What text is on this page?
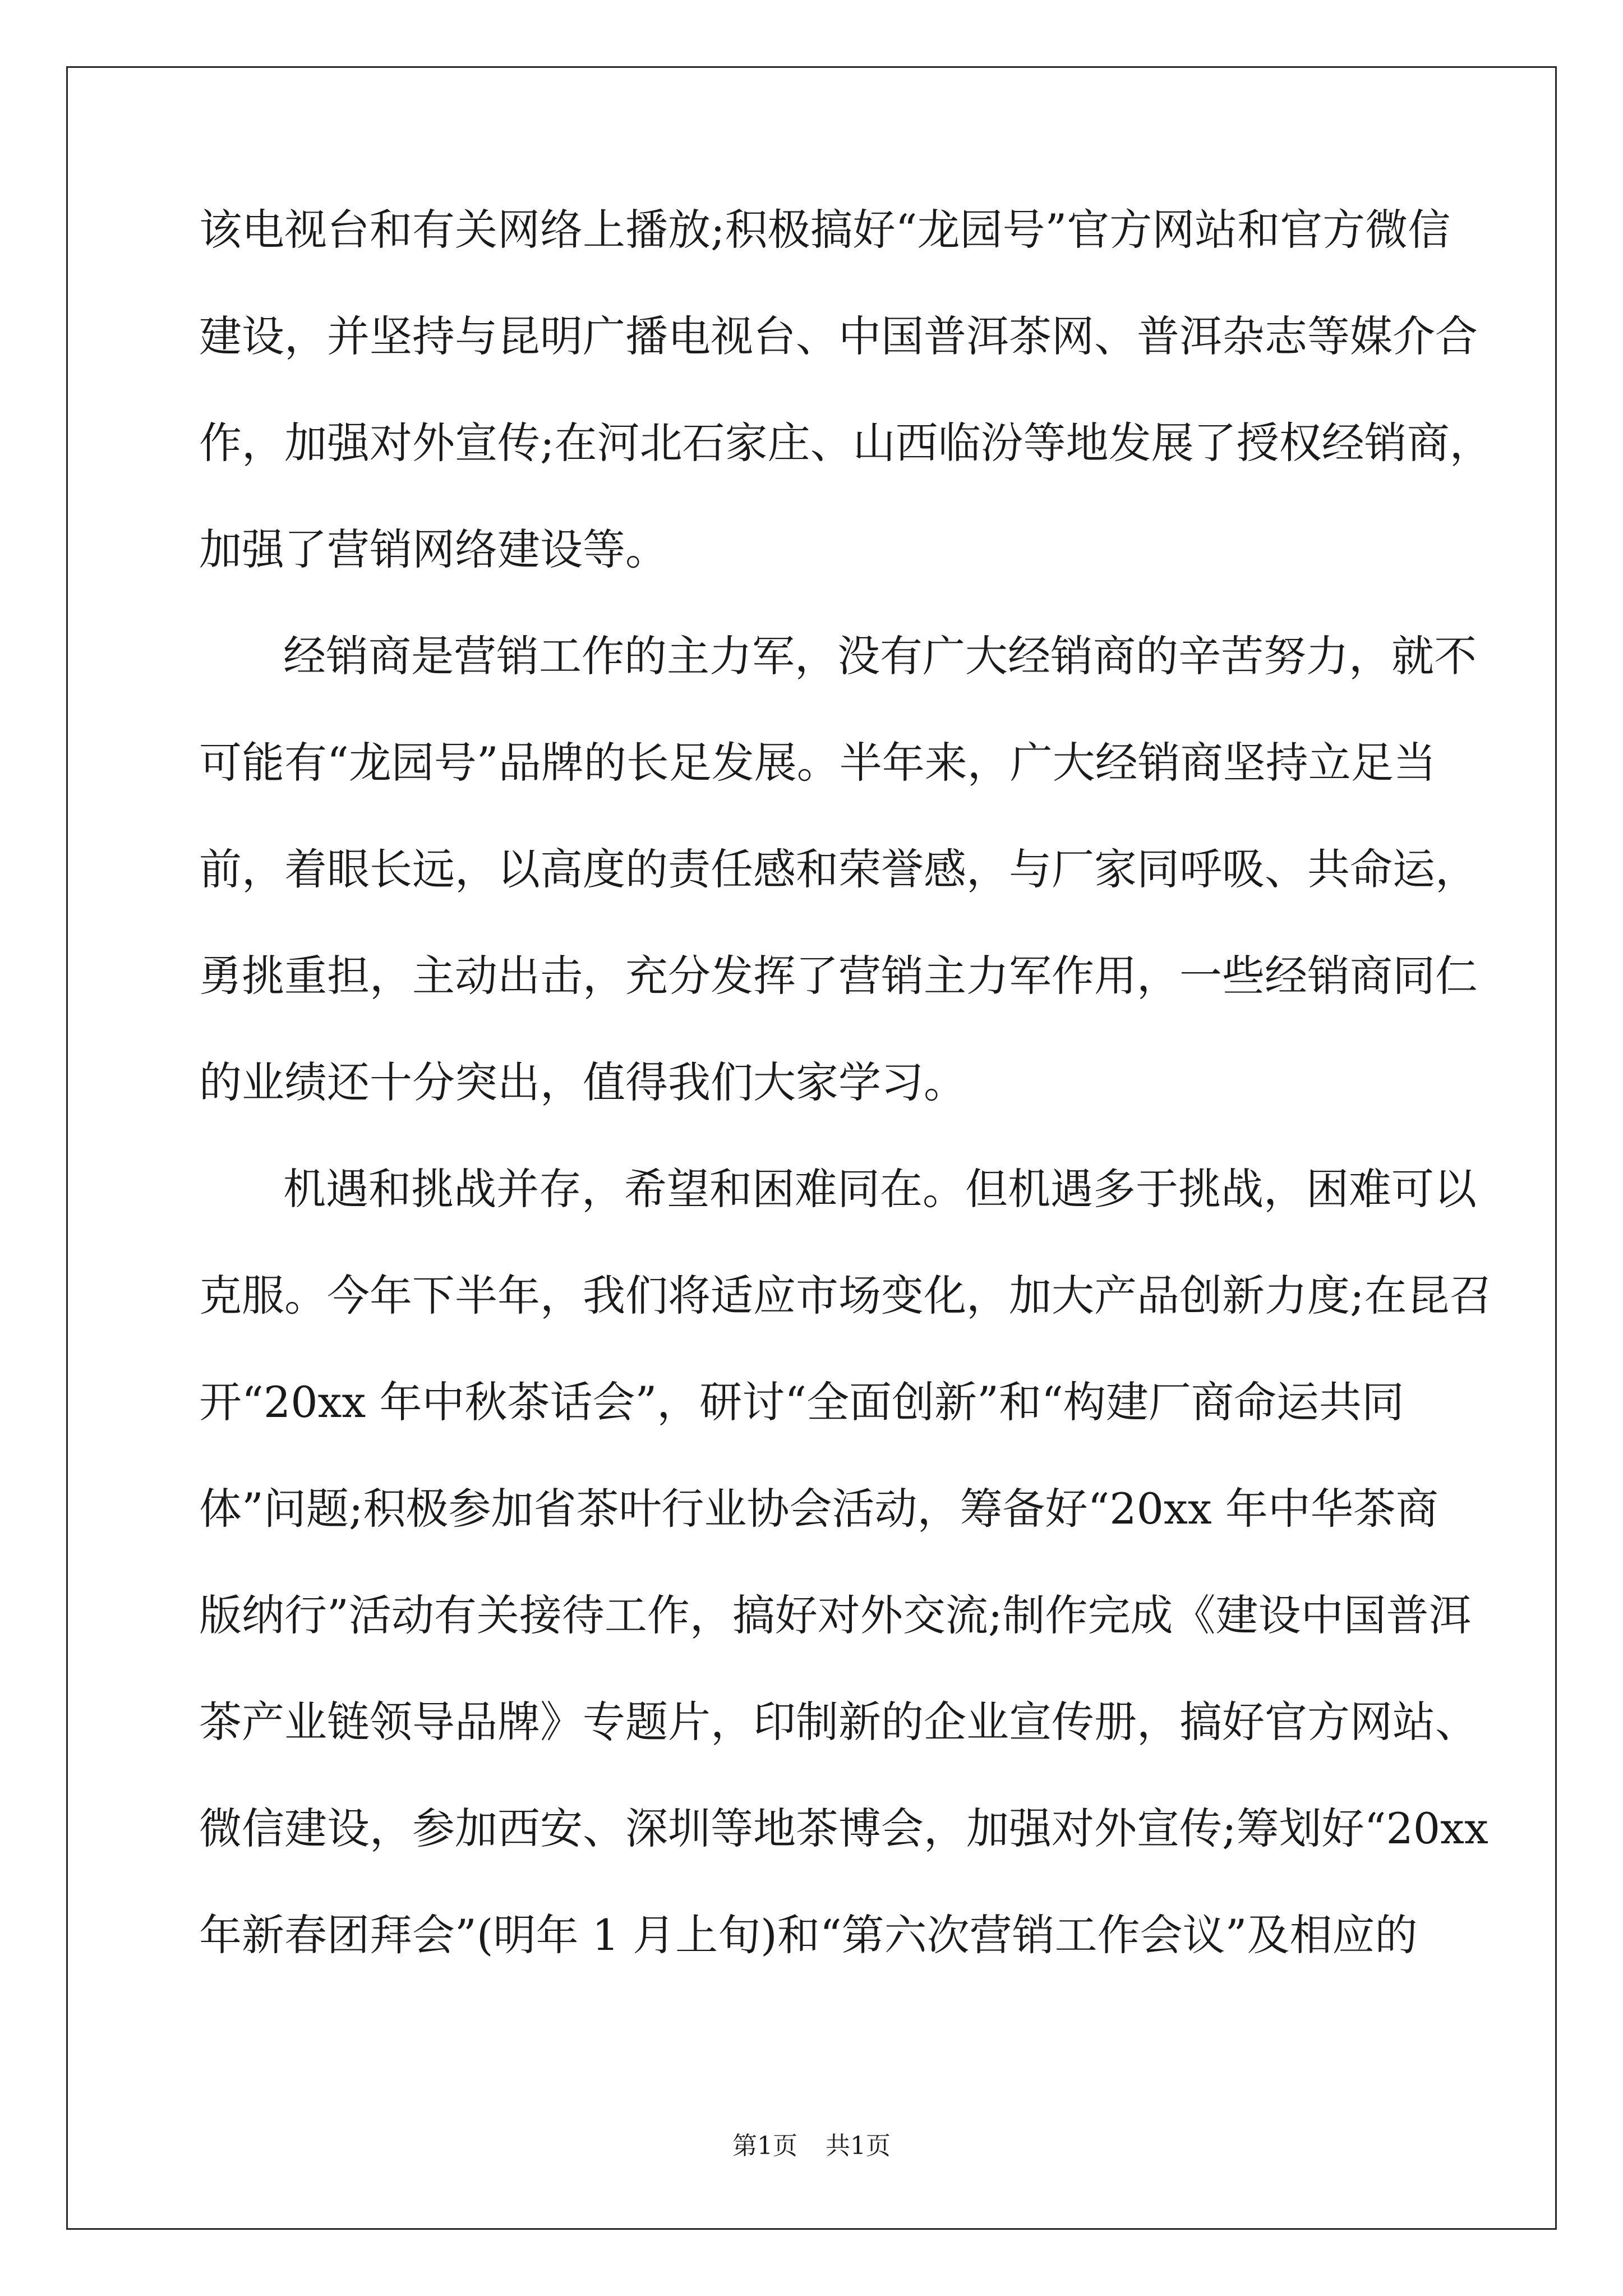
该电视台和有关网络上播放;积极搞好“龙园号”官方网站和官方微信

建设，并坚持与昆明广播电视台、中国普洱茶网、普洱杂志等媒介合

作，加强对外宣传;在河北石家庄、山西临汾等地发展了授权经销商，

加强了营销网络建设等。

经销商是营销工作的主力军，没有广大经销商的辛苦努力，就不

可能有“龙园号”品牌的长足发展。半年来，广大经销商坚持立足当

前，着眼长远，以高度的责任感和荣誉感，与厂家同呼吸、共命运，

勇挑重担，主动出击，充分发挥了营销主力军作用，一些经销商同仁

的业绩还十分突出，值得我们大家学习。

机遇和挑战并存，希望和困难同在。但机遇多于挑战，困难可以

克服。今年下半年，我们将适应市场变化，加大产品创新力度;在昆召

开“20xx 年中秋茶话会”，研讨“全面创新”和“构建厂商命运共同

体”问题;积极参加省茶叶行业协会活动，筹备好“20xx 年中华茶商

版纳行”活动有关接待工作，搞好对外交流;制作完成《建设中国普洱

茶产业链领导品牌》专题片，印制新的企业宣传册，搞好官方网站、

微信建设，参加西安、深圳等地茶博会，加强对外宣传;筹划好“20xx

年新春团拜会”(明年 1 月上旬)和“第六次营销工作会议”及相应的

第1页 共1页
